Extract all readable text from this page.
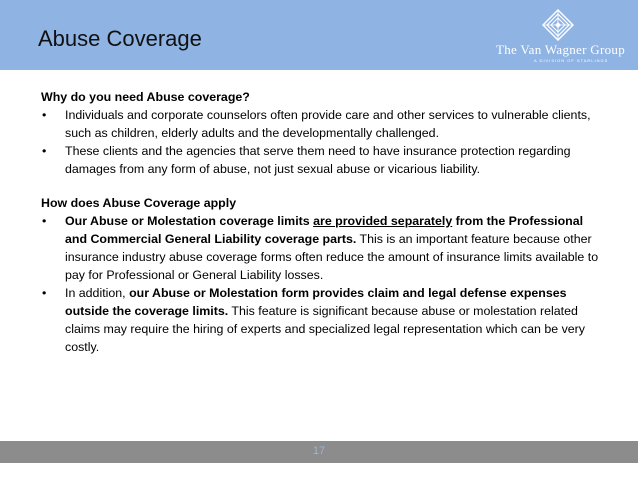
Abuse Coverage	The Van Wagner Group
A DIVISION OF STARLINGS

Why do you need Abuse coverage?

• Individuals and corporate counselors often provide care and other services to vulnerable clients, such as children, elderly adults and the developmentally challenged.

• These clients and the agencies that serve them need to have insurance protection regarding damages from any form of abuse, not just sexual abuse or vicarious liability.

How does Abuse Coverage apply

• Our Abuse or Molestation coverage limits are provided separately from the Professional and Commercial General Liability coverage parts. This is an important feature because other insurance industry abuse coverage forms often reduce the amount of insurance limits available to pay for Professional or General Liability losses.

• In addition, our Abuse or Molestation form provides claim and legal defense expenses outside the coverage limits. This feature is significant because abuse or molestation related claims may require the hiring of experts and specialized legal representation which can be very costly.

17
